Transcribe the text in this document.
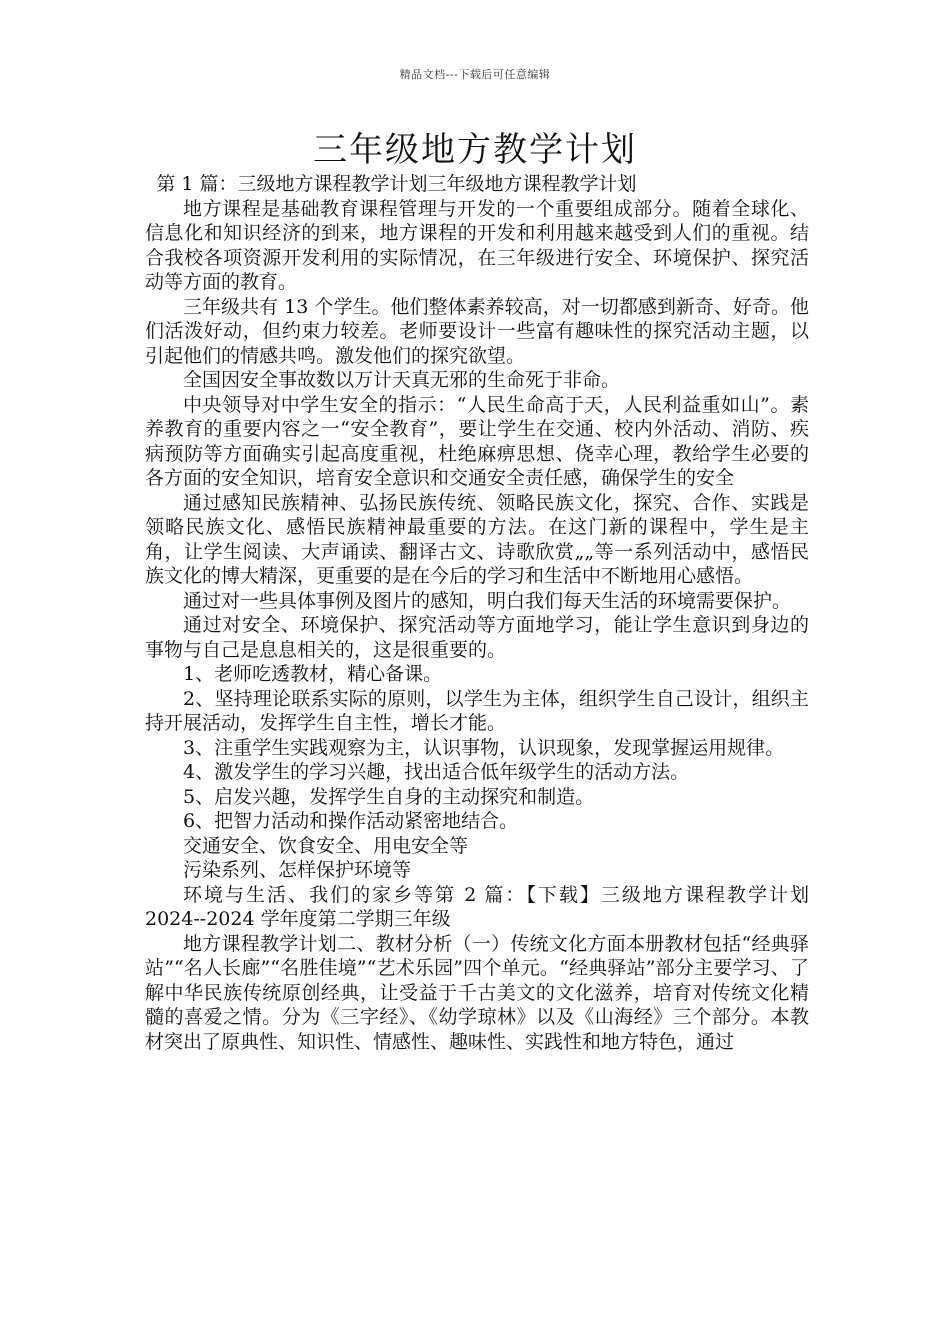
精品文档---下载后可任意编辑
三年级地方教学计划

第 1 篇：三级地方课程教学计划三年级地方课程教学计划

地方课程是基础教育课程管理与开发的一个重要组成部分。随着全球化、信息化和知识经济的到来，地方课程的开发和利用越来越受到人们的重视。结合我校各项资源开发利用的实际情况，在三年级进行安全、环境保护、探究活动等方面的教育。

三年级共有 13 个学生。他们整体素养较高，对一切都感到新奇、好奇。他们活泼好动，但约束力较差。老师要设计一些富有趣味性的探究活动主题，以引起他们的情感共鸣。激发他们的探究欲望。

全国因安全事故数以万计天真无邪的生命死于非命。

中央领导对中学生安全的指示：“人民生命高于天，人民利益重如山”。素养教育的重要内容之一“安全教育”，要让学生在交通、校内外活动、消防、疾病预防等方面确实引起高度重视，杜绝麻痹思想、侥幸心理，教给学生必要的各方面的安全知识，培育安全意识和交通安全责任感，确保学生的安全

通过感知民族精神、弘扬民族传统、领略民族文化，探究、合作、实践是领略民族文化、感悟民族精神最重要的方法。在这门新的课程中，学生是主角，让学生阅读、大声诵读、翻译古文、诗歌欣赏„„等一系列活动中，感悟民族文化的博大精深，更重要的是在今后的学习和生活中不断地用心感悟。

通过对一些具体事例及图片的感知，明白我们每天生活的环境需要保护。

通过对安全、环境保护、探究活动等方面地学习，能让学生意识到身边的事物与自己是息息相关的，这是很重要的。

1、老师吃透教材，精心备课。

2、坚持理论联系实际的原则，以学生为主体，组织学生自己设计，组织主持开展活动，发挥学生自主性，增长才能。

3、注重学生实践观察为主，认识事物，认识现象，发现掌握运用规律。

4、激发学生的学习兴趣，找出适合低年级学生的活动方法。

5、启发兴趣，发挥学生自身的主动探究和制造。

6、把智力活动和操作活动紧密地结合。

交通安全、饮食安全、用电安全等

污染系列、怎样保护环境等

环境与生活、我们的家乡等第 2 篇：【下载】三级地方课程教学计划 2024--2024 学年度第二学期三年级

地方课程教学计划二、教材分析（一）传统文化方面本册教材包括“经典驿站”“名人长廊”“名胜佳境”“艺术乐园”四个单元。“经典驿站”部分主要学习、了解中华民族传统原创经典，让受益于千古美文的文化滋养，培育对传统文化精髓的喜爱之情。分为《三字经》、《幼学琼林》以及《山海经》三个部分。本教材突出了原典性、知识性、情感性、趣味性、实践性和地方特色，通过
